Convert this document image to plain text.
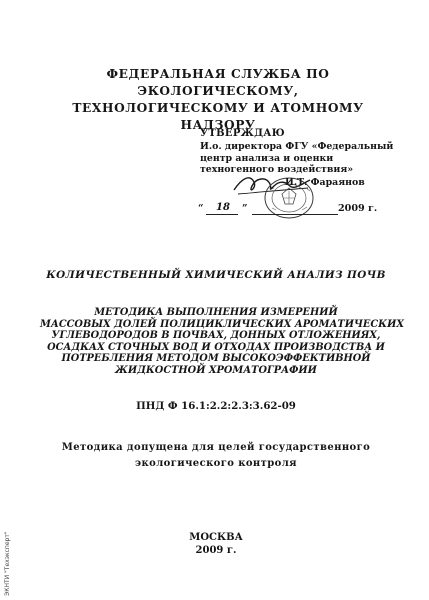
ФЕДЕРАЛЬНАЯ СЛУЖБА ПО ЭКОЛОГИЧЕСКОМУ,
ТЕХНОЛОГИЧЕСКОМУ И АТОМНОМУ НАДЗОРУ
УТВЕРЖДАЮ
И.о. директора ФГУ «Федеральный
центр анализа и оценки
техногенного воздействия»
И.Т. Фараянов
“ 18 ”	2009 г.
КОЛИЧЕСТВЕННЫЙ ХИМИЧЕСКИЙ АНАЛИЗ ПОЧВ
МЕТОДИКА ВЫПОЛНЕНИЯ ИЗМЕРЕНИЙ
МАССОВЫХ ДОЛЕЙ ПОЛИЦИКЛИЧЕСКИХ АРОМАТИЧЕСКИХ
УГЛЕВОДОРОДОВ В ПОЧВАХ, ДОННЫХ ОТЛОЖЕНИЯХ,
ОСАДКАХ СТОЧНЫХ ВОД И ОТХОДАХ ПРОИЗВОДСТВА И
ПОТРЕБЛЕНИЯ МЕТОДОМ ВЫСОКОЭФФЕКТИВНОЙ
ЖИДКОСТНОЙ ХРОМАТОГРАФИИ
ПНД Ф 16.1:2.2:2.3:3.62-09
Методика допущена для целей государственного
экологического контроля
МОСКВА
2009 г.
ЭКНТИ "Техэксперт"
